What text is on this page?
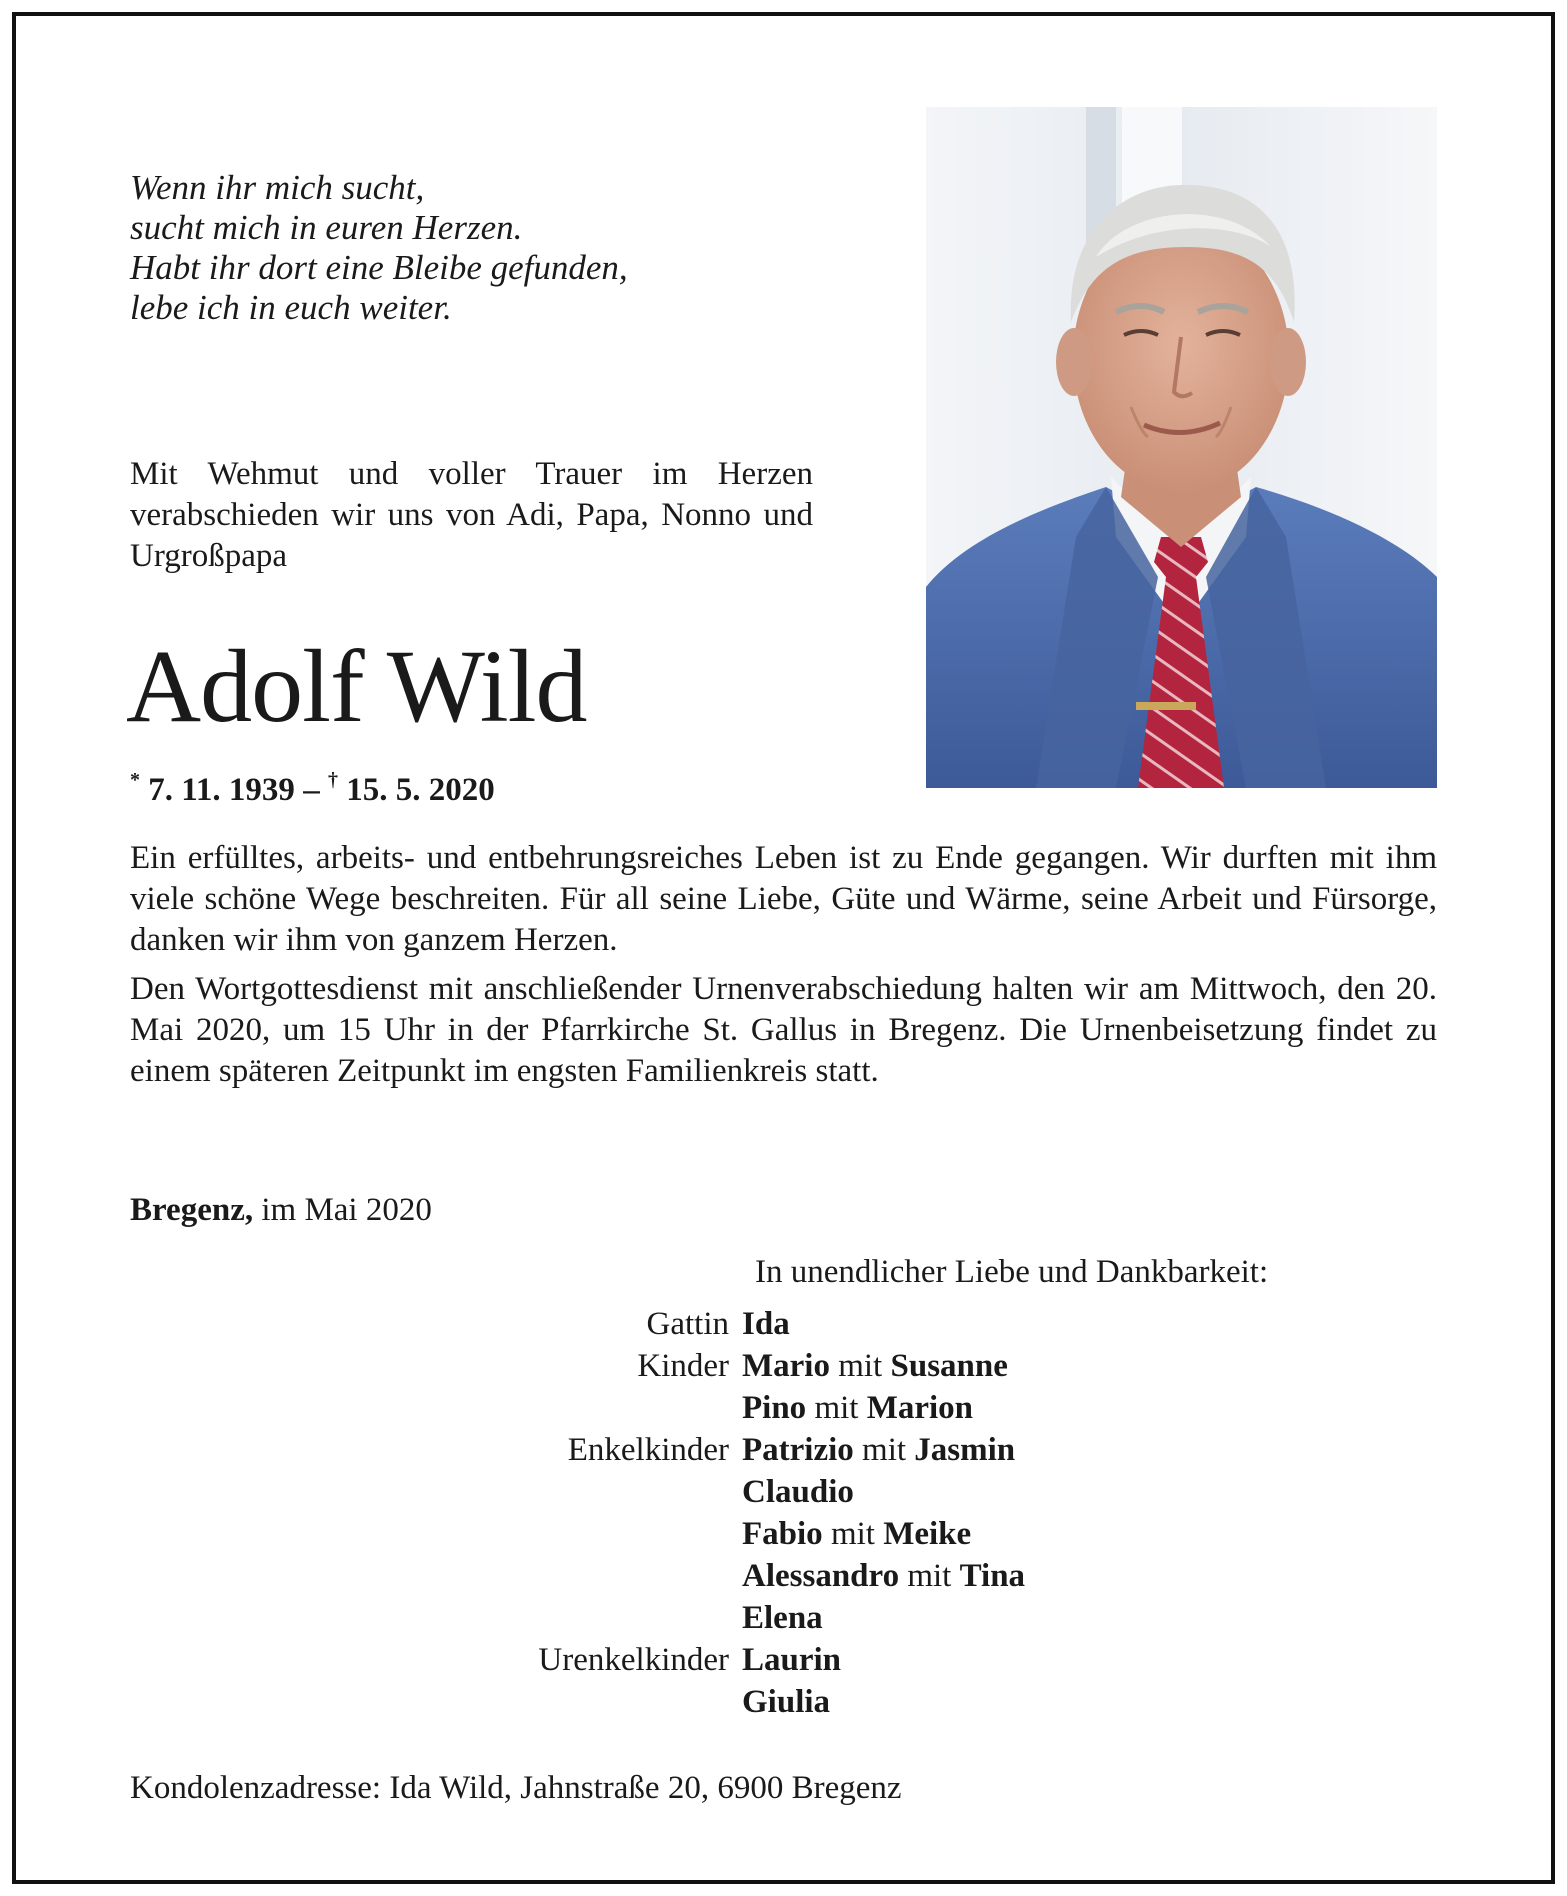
Wenn ihr mich sucht,
sucht mich in euren Herzen.
Habt ihr dort eine Bleibe gefunden,
lebe ich in euch weiter.
Mit Wehmut und voller Trauer im Herzen verabschieden wir uns von Adi, Papa, Nonno und Urgroßpapa
Adolf Wild
* 7. 11. 1939 – † 15. 5. 2020

Ein erfülltes, arbeits- und entbehrungsreiches Leben ist zu Ende gegangen. Wir durften mit ihm viele schöne Wege beschreiten. Für all seine Liebe, Güte und Wärme, seine Arbeit und Fürsorge, danken wir ihm von ganzem Herzen.

Den Wortgottesdienst mit anschließender Urnenverabschiedung halten wir am Mittwoch, den 20. Mai 2020, um 15 Uhr in der Pfarrkirche St. Gallus in Bregenz. Die Urnenbeisetzung findet zu einem späteren Zeitpunkt im engsten Familienkreis statt.

Bregenz, im Mai 2020
In unendlicher Liebe und Dankbarkeit:
Gattin Ida
Kinder Mario mit Susanne
Pino mit Marion
Enkelkinder Patrizio mit Jasmin
Claudio
Fabio mit Meike
Alessandro mit Tina
Elena
Urenkelkinder Laurin
Giulia
Kondolenzadresse: Ida Wild, Jahnstraße 20, 6900 Bregenz
